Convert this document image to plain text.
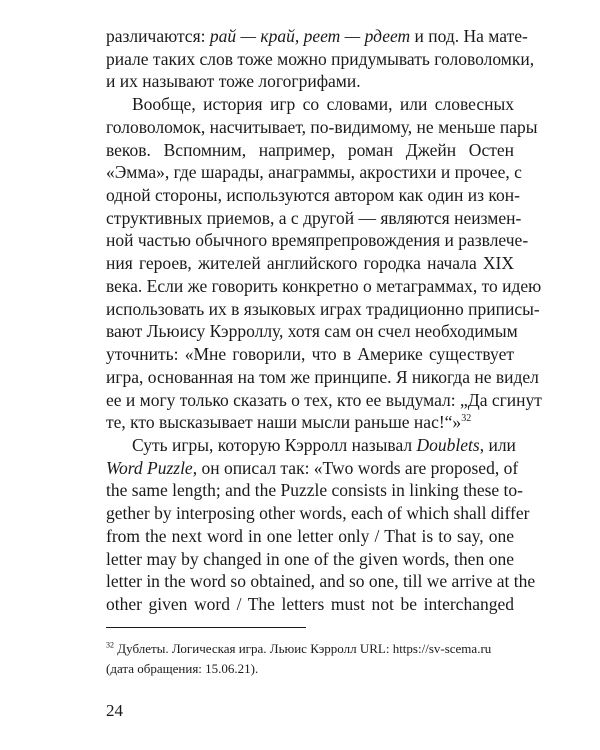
различаются: рай — край, реет — рдеет и под. На мате-
риале таких слов тоже можно придумывать головоломки,
и их называют тоже логогрифами.
Вообще, история игр со словами, или словесных
головоломок, насчитывает, по-видимому, не меньше пары
веков. Вспомним, например, роман Джейн Остен
«Эмма», где шарады, анаграммы, акростихи и прочее, с
одной стороны, используются автором как один из кон-
структивных приемов, а с другой — являются неизмен-
ной частью обычного времяпрепровождения и развлече-
ния героев, жителей английского городка начала XIX
века. Если же говорить конкретно о метаграммах, то идею
использовать их в языковых играх традиционно приписы-
вают Льюису Кэрроллу, хотя сам он счел необходимым
уточнить: «Мне говорили, что в Америке существует
игра, основанная на том же принципе. Я никогда не видел
ее и могу только сказать о тех, кто ее выдумал: „Да сгинут
те, кто высказывает наши мысли раньше нас!“»$^{32}$
Суть игры, которую Кэрролл называл Doublets, или
Word Puzzle, он описал так: «Two words are proposed, of
the same length; and the Puzzle consists in linking these to-
gether by interposing other words, each of which shall differ
from the next word in one letter only / That is to say, one
letter may by changed in one of the given words, then one
letter in the word so obtained, and so one, till we arrive at the
other given word / The letters must not be interchanged
$^{32}$ Дублеты. Логическая игра. Льюис Кэрролл URL: https://sv-scema.ru
(дата обращения: 15.06.21).
24
